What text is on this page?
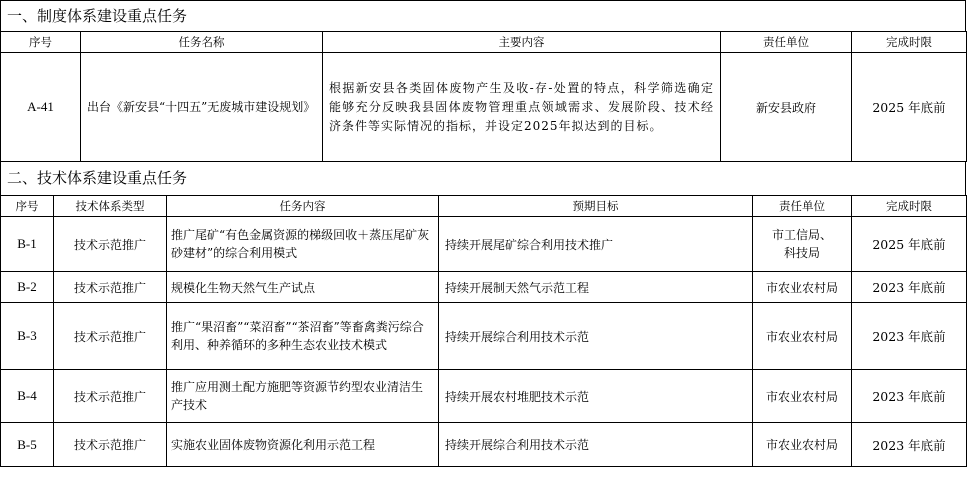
一、制度体系建设重点任务
序号	任务名称	主要内容	责任单位	完成时限
A-41	出台《新安县“十四五”无废城市建设规划》	根据新安县各类固体废物产生及收-存-处置的特点，科学筛选确定能够充分反映我县固体废物管理重点领域需求、发展阶段、技术经济条件等实际情况的指标，并设定2025年拟达到的目标。	新安县政府	2025 年底前
二、技术体系建设重点任务
序号	技术体系类型	任务内容	预期目标	责任单位	完成时限
B-1	技术示范推广	推广尾矿“有色金属资源的梯级回收＋蒸压尾矿灰砂建材”的综合利用模式	持续开展尾矿综合利用技术推广	市工信局、科技局	2025 年底前
B-2	技术示范推广	规模化生物天然气生产试点	持续开展制天然气示范工程	市农业农村局	2023 年底前
B-3	技术示范推广	推广“果沼畜”“菜沼畜”“茶沼畜”等畜禽粪污综合利用、种养循环的多种生态农业技术模式	持续开展综合利用技术示范	市农业农村局	2023 年底前
B-4	技术示范推广	推广应用测土配方施肥等资源节约型农业清洁生产技术	持续开展农村堆肥技术示范	市农业农村局	2023 年底前
B-5	技术示范推广	实施农业固体废物资源化利用示范工程	持续开展综合利用技术示范	市农业农村局	2023 年底前
